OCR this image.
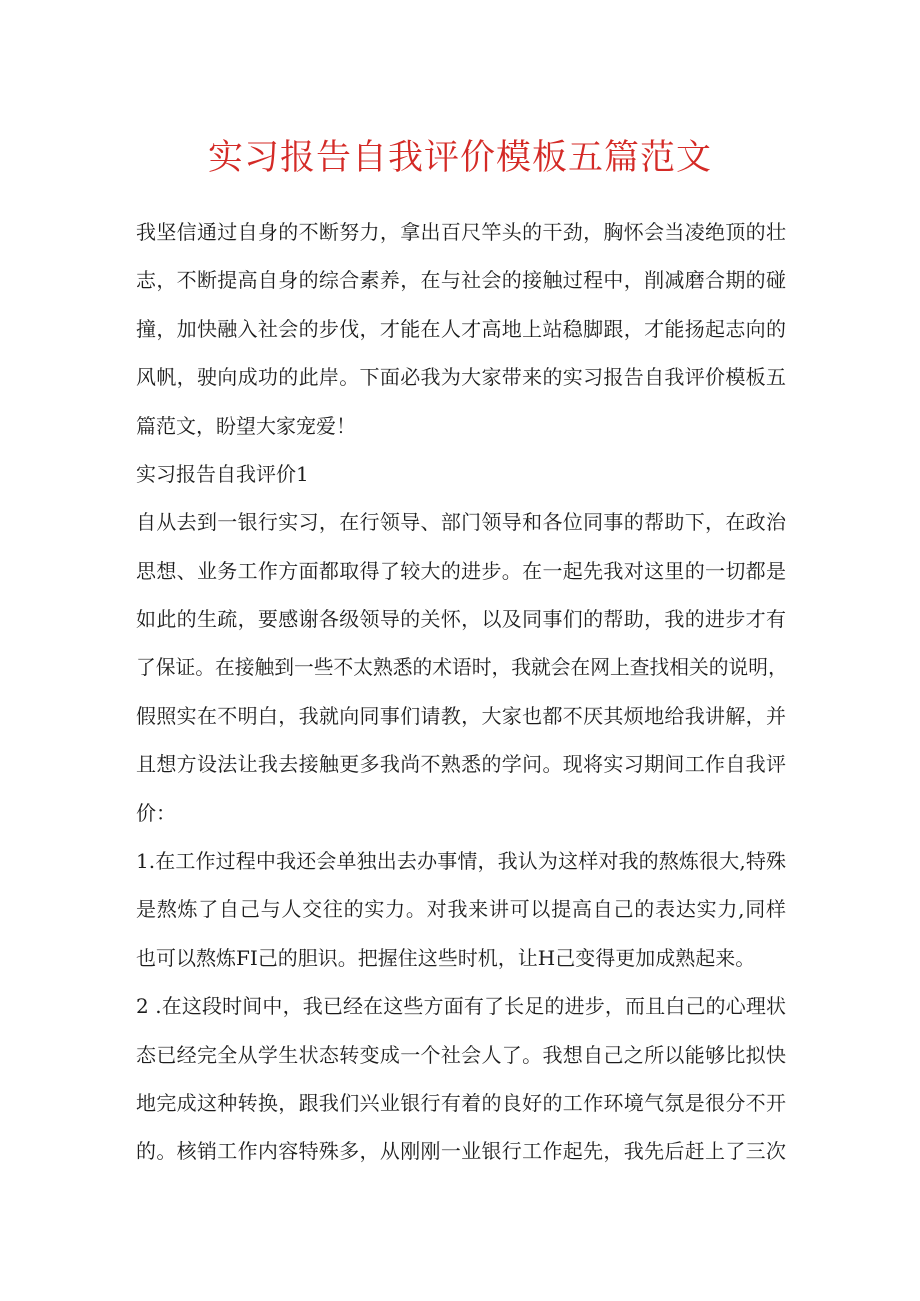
实习报告自我评价模板五篇范文
我坚信通过自身的不断努力，拿出百尺竿头的干劲，胸怀会当凌绝顶的壮
志，不断提高自身的综合素养，在与社会的接触过程中，削减磨合期的碰
撞，加快融入社会的步伐，才能在人才高地上站稳脚跟，才能扬起志向的
风帆，驶向成功的此岸。下面必我为大家带来的实习报告自我评价模板五
篇范文，盼望大家宠爱！
实习报告自我评价1
自从去到一银行实习，在行领导、部门领导和各位同事的帮助下，在政治
思想、业务工作方面都取得了较大的进步。在一起先我对这里的一切都是
如此的生疏，要感谢各级领导的关怀，以及同事们的帮助，我的进步才有
了保证。在接触到一些不太熟悉的术语时，我就会在网上查找相关的说明，
假照实在不明白，我就向同事们请教，大家也都不厌其烦地给我讲解，并
且想方设法让我去接触更多我尚不熟悉的学问。现将实习期间工作自我评
价：
1.在工作过程中我还会单独出去办事情，我认为这样对我的熬炼很大,特殊
是熬炼了自己与人交往的实力。对我来讲可以提高自己的表达实力,同样
也可以熬炼FI己的胆识。把握住这些时机，让H己变得更加成熟起来。
2 .在这段时间中，我已经在这些方面有了长足的进步，而且白己的心理状
态已经完全从学生状态转变成一个社会人了。我想自己之所以能够比拟快
地完成这种转换，跟我们兴业银行有着的良好的工作环境气氛是很分不开
的。核销工作内容特殊多，从刚刚一业银行工作起先，我先后赶上了三次
